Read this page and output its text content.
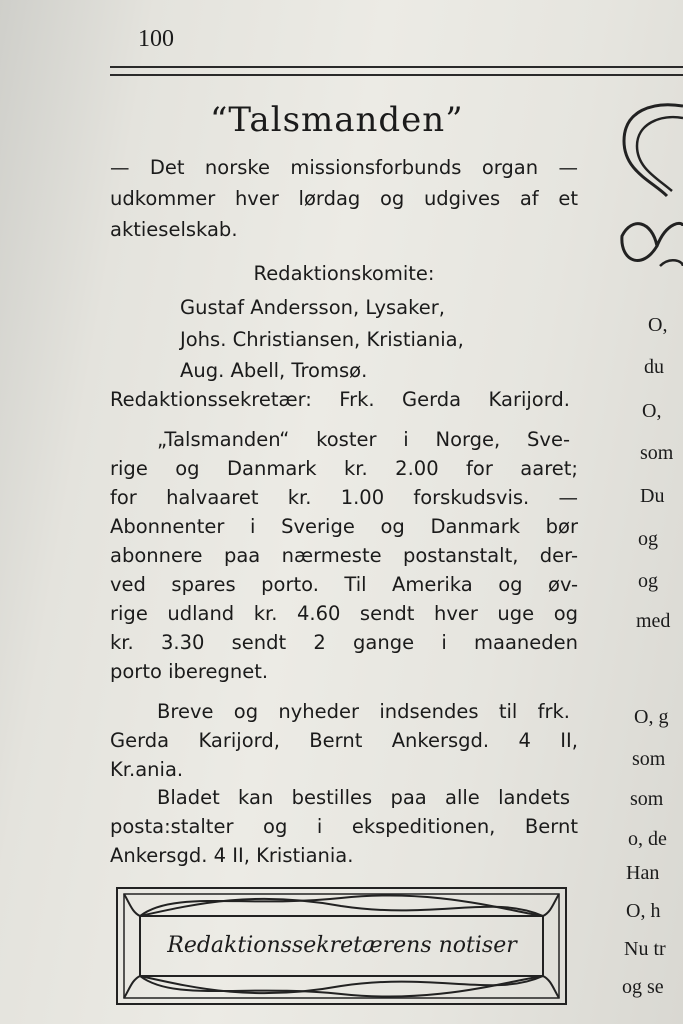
100
“Talsmanden”
— Det norske missionsforbunds organ —
udkommer hver lørdag og udgives af et
aktieselskab.
Redaktionskomite:
Gustaf Andersson, Lysaker,
Johs. Christiansen, Kristiania,
Aug. Abell, Tromsø.
Redaktionssekretær: Frk. Gerda Karijord.
„Talsmanden“ koster i Norge, Sve-
rige og Danmark kr. 2.00 for aaret;
for halvaaret kr. 1.00 forskudsvis. —
Abonnenter i Sverige og Danmark bør
abonnere paa nærmeste postanstalt, der-
ved spares porto. Til Amerika og øv-
rige udland kr. 4.60 sendt hver uge og
kr. 3.30 sendt 2 gange i maaneden
porto iberegnet.
Breve og nyheder indsendes til frk.
Gerda Karijord, Bernt Ankersgd. 4 II,
Kr.ania.
Bladet kan bestilles paa alle landets
posta:stalter og i ekspeditionen, Bernt
Ankersgd. 4 II, Kristiania.
O,
du
O,
som
Du
og
og
med
O, g
som
som
o, de
Han
O, h
Nu tr
og se
Redaktionssekretærens notiser
